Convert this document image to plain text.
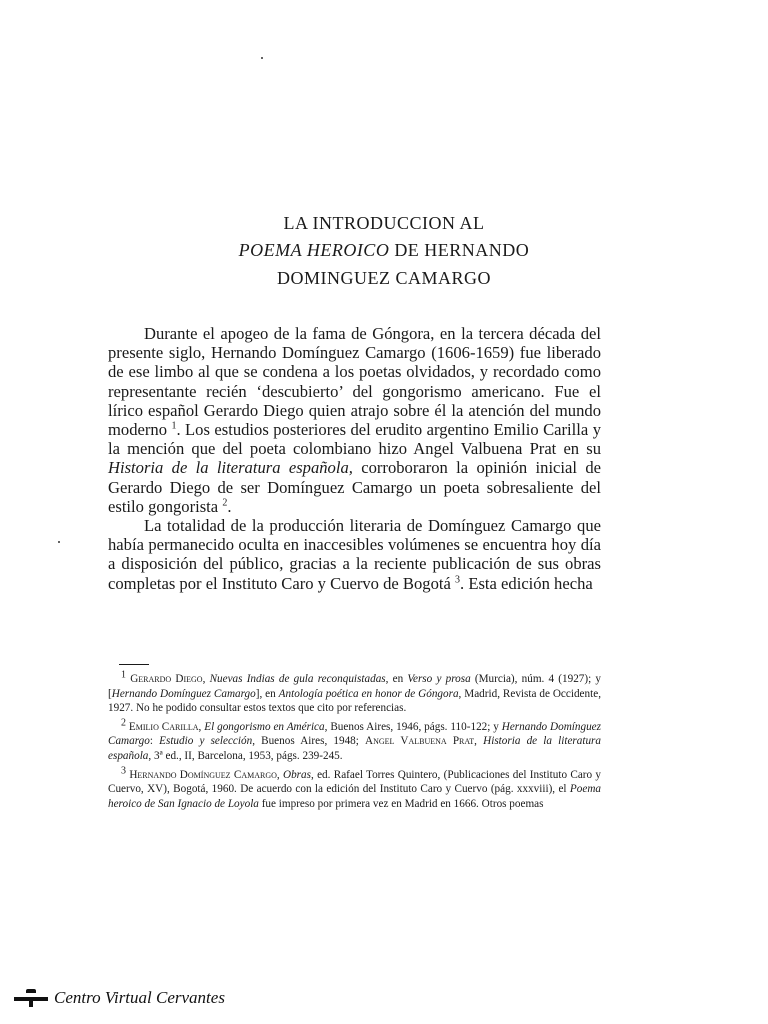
LA INTRODUCCION AL
POEMA HEROICO DE HERNANDO
DOMINGUEZ CAMARGO

Durante el apogeo de la fama de Góngora, en la tercera década del presente siglo, Hernando Domínguez Camargo (1606-1659) fue liberado de ese limbo al que se condena a los poetas olvidados, y recordado como representante recién ‘descubierto’ del gongorismo americano. Fue el lírico español Gerardo Diego quien atrajo sobre él la atención del mundo moderno $^1$. Los estudios posteriores del erudito argentino Emilio Carilla y la mención que del poeta colombiano hizo Angel Valbuena Prat en su Historia de la literatura española, corroboraron la opinión inicial de Gerardo Diego de ser Domínguez Camargo un poeta sobresaliente del estilo gongorista $^2$.

La totalidad de la producción literaria de Domínguez Camargo que había permanecido oculta en inaccesibles volúmenes se encuentra hoy día a disposición del público, gracias a la reciente publicación de sus obras completas por el Instituto Caro y Cuervo de Bogotá $^3$. Esta edición hecha

$^1$ Gerardo Diego, Nuevas Indias de gula reconquistadas, en Verso y prosa (Murcia), núm. 4 (1927); y [Hernando Domínguez Camargo], en Antología poética en honor de Góngora, Madrid, Revista de Occidente, 1927. No he podido consultar estos textos que cito por referencias.

$^2$ Emilio Carilla, El gongorismo en América, Buenos Aires, 1946, págs. 110-122; y Hernando Domínguez Camargo: Estudio y selección, Buenos Aires, 1948; Angel Valbuena Prat, Historia de la literatura española, 3ª ed., II, Barcelona, 1953, págs. 239-245.

$^3$ Hernando Domínguez Camargo, Obras, ed. Rafael Torres Quintero, (Publicaciones del Instituto Caro y Cuervo, XV), Bogotá, 1960. De acuerdo con la edición del Instituto Caro y Cuervo (pág. xxxviii), el Poema heroico de San Ignacio de Loyola fue impreso por primera vez en Madrid en 1666. Otros poemas

Centro Virtual Cervantes
